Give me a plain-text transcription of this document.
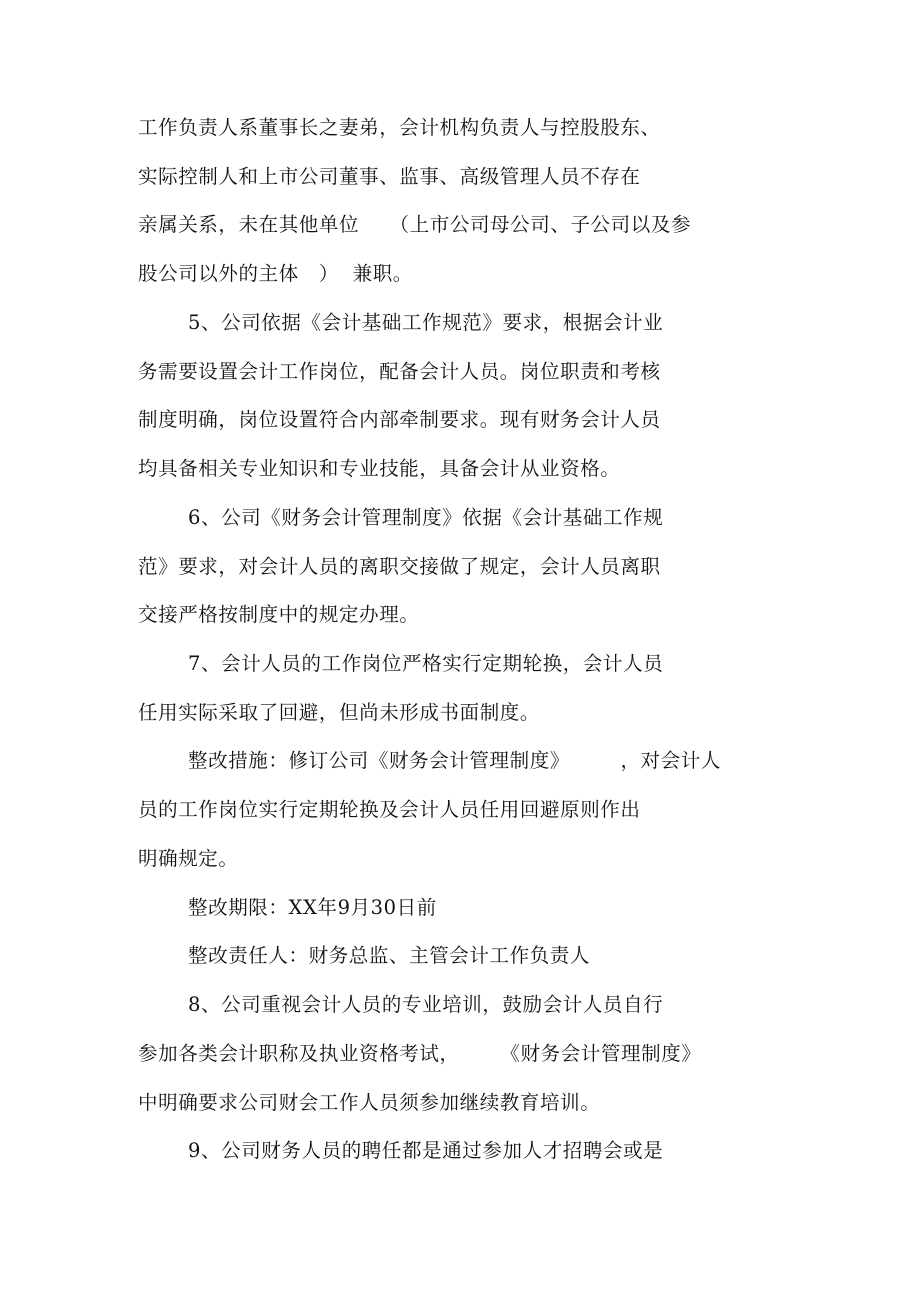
工作负责人系董事长之妻弟，会计机构负责人与控股股东、
实际控制人和上市公司董事、监事、高级管理人员不存在
亲属关系，未在其他单位　　（上市公司母公司、子公司以及参
股公司以外的主体　）  兼职。
5、公司依据《会计基础工作规范》要求，根据会计业
务需要设置会计工作岗位，配备会计人员。岗位职责和考核
制度明确，岗位设置符合内部牵制要求。现有财务会计人员
均具备相关专业知识和专业技能，具备会计从业资格。
6、公司《财务会计管理制度》依据《会计基础工作规
范》要求，对会计人员的离职交接做了规定，会计人员离职
交接严格按制度中的规定办理。
7、会计人员的工作岗位严格实行定期轮换，会计人员
任用实际采取了回避，但尚未形成书面制度。
整改措施：修订公司《财务会计管理制度》　　　，对会计人
员的工作岗位实行定期轮换及会计人员任用回避原则作出
明确规定。
整改期限：XX年9月30日前
整改责任人：财务总监、主管会计工作负责人
8、公司重视会计人员的专业培训，鼓励会计人员自行
参加各类会计职称及执业资格考试，　　　《财务会计管理制度》
中明确要求公司财会工作人员须参加继续教育培训。
9、公司财务人员的聘任都是通过参加人才招聘会或是
